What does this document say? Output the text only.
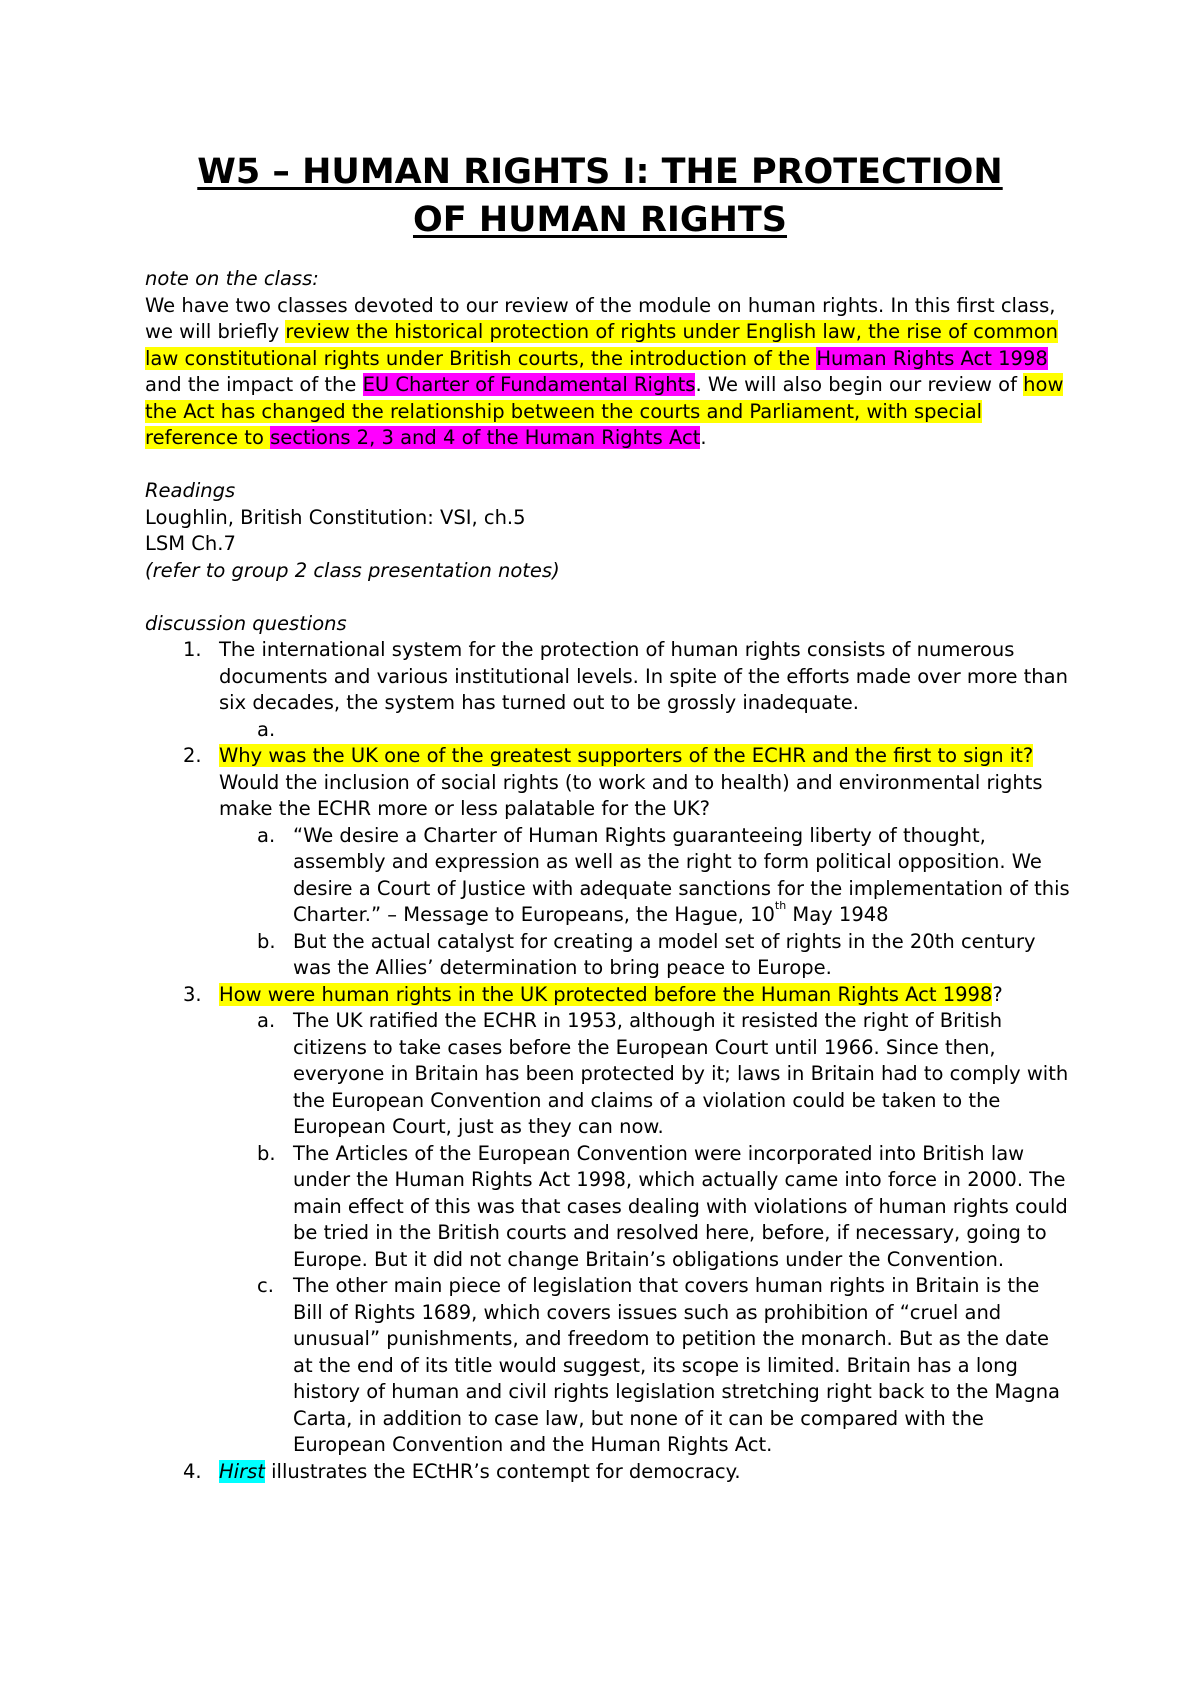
W5 – HUMAN RIGHTS I: THE PROTECTION
OF HUMAN RIGHTS

note on the class:

We have two classes devoted to our review of the module on human rights. In this first class, we will briefly review the historical protection of rights under English law, the rise of common law constitutional rights under British courts, the introduction of the Human Rights Act 1998 and the impact of the EU Charter of Fundamental Rights. We will also begin our review of how the Act has changed the relationship between the courts and Parliament, with special reference to sections 2, 3 and 4 of the Human Rights Act.

Readings

Loughlin, British Constitution: VSI, ch.5

LSM Ch.7

(refer to group 2 class presentation notes)

discussion questions

1. The international system for the protection of human rights consists of numerous documents and various institutional levels. In spite of the efforts made over more than six decades, the system has turned out to be grossly inadequate.
a.
2. Why was the UK one of the greatest supporters of the ECHR and the first to sign it? Would the inclusion of social rights (to work and to health) and environmental rights make the ECHR more or less palatable for the UK?
a. “We desire a Charter of Human Rights guaranteeing liberty of thought, assembly and expression as well as the right to form political opposition. We desire a Court of Justice with adequate sanctions for the implementation of this Charter.” – Message to Europeans, the Hague, 10th May 1948
b. But the actual catalyst for creating a model set of rights in the 20th century was the Allies’ determination to bring peace to Europe.
3. How were human rights in the UK protected before the Human Rights Act 1998?
a. The UK ratified the ECHR in 1953, although it resisted the right of British citizens to take cases before the European Court until 1966. Since then, everyone in Britain has been protected by it; laws in Britain had to comply with the European Convention and claims of a violation could be taken to the European Court, just as they can now.
b. The Articles of the European Convention were incorporated into British law under the Human Rights Act 1998, which actually came into force in 2000. The main effect of this was that cases dealing with violations of human rights could be tried in the British courts and resolved here, before, if necessary, going to Europe. But it did not change Britain’s obligations under the Convention.
c. The other main piece of legislation that covers human rights in Britain is the Bill of Rights 1689, which covers issues such as prohibition of “cruel and unusual” punishments, and freedom to petition the monarch. But as the date at the end of its title would suggest, its scope is limited. Britain has a long history of human and civil rights legislation stretching right back to the Magna Carta, in addition to case law, but none of it can be compared with the European Convention and the Human Rights Act.
4. Hirst illustrates the ECtHR’s contempt for democracy.
